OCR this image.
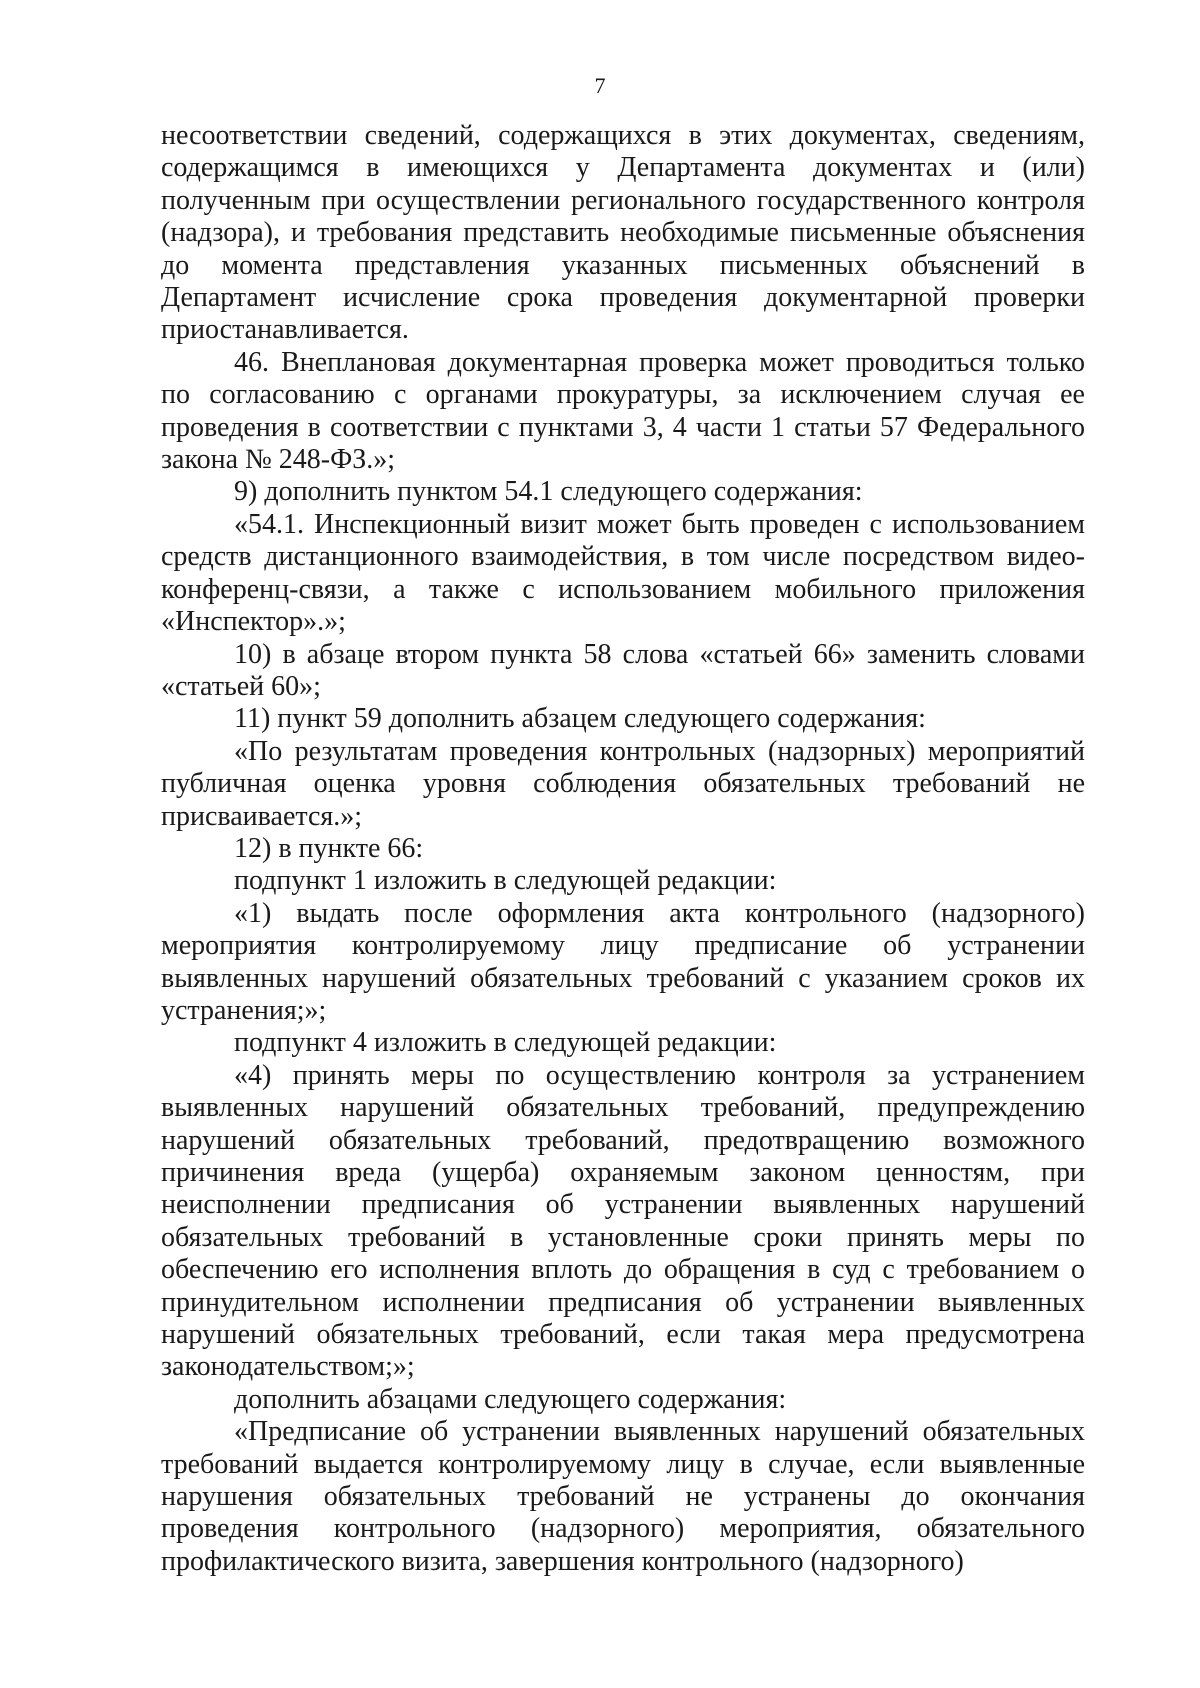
7

несоответствии сведений, содержащихся в этих документах, сведениям, содержащимся в имеющихся у Департамента документах и (или) полученным при осуществлении регионального государственного контроля (надзора), и требования представить необходимые письменные объяснения до момента представления указанных письменных объяснений в Департамент исчисление срока проведения документарной проверки приостанавливается.

46. Внеплановая документарная проверка может проводиться только по согласованию с органами прокуратуры, за исключением случая ее проведения в соответствии с пунктами 3, 4 части 1 статьи 57 Федерального закона № 248-ФЗ.»;

9) дополнить пунктом 54.1 следующего содержания:

«54.1. Инспекционный визит может быть проведен с использованием средств дистанционного взаимодействия, в том числе посредством видео-конференц-связи, а также с использованием мобильного приложения «Инспектор».»;

10) в абзаце втором пункта 58 слова «статьей 66» заменить словами «статьей 60»;

11) пункт 59 дополнить абзацем следующего содержания:

«По результатам проведения контрольных (надзорных) мероприятий публичная оценка уровня соблюдения обязательных требований не присваивается.»;

12) в пункте 66:

подпункт 1 изложить в следующей редакции:

«1) выдать после оформления акта контрольного (надзорного) мероприятия контролируемому лицу предписание об устранении выявленных нарушений обязательных требований с указанием сроков их устранения;»;

подпункт 4 изложить в следующей редакции:

«4) принять меры по осуществлению контроля за устранением выявленных нарушений обязательных требований, предупреждению нарушений обязательных требований, предотвращению возможного причинения вреда (ущерба) охраняемым законом ценностям, при неисполнении предписания об устранении выявленных нарушений обязательных требований в установленные сроки принять меры по обеспечению его исполнения вплоть до обращения в суд с требованием о принудительном исполнении предписания об устранении выявленных нарушений обязательных требований, если такая мера предусмотрена законодательством;»;

дополнить абзацами следующего содержания:

«Предписание об устранении выявленных нарушений обязательных требований выдается контролируемому лицу в случае, если выявленные нарушения обязательных требований не устранены до окончания проведения контрольного (надзорного) мероприятия, обязательного профилактического визита, завершения контрольного (надзорного)
